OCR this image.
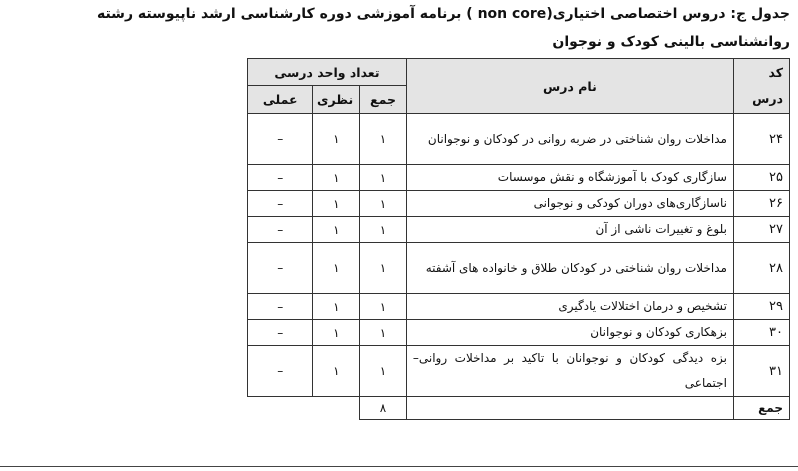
جدول ج: دروس اختصاصی اختیاری(non core ) برنامه آموزشی دوره کارشناسی ارشد ناپیوسته رشته
روانشناسی بالینی کودک و نوجوان
کد درس	نام درس	تعداد واحد درسی		
		جمع	نظری	عملی
۲۴	مداخلات روان شناختی در ضربه روانی در کودکان و نوجوانان	۱	۱	–
۲۵	سازگاری کودک با آموزشگاه و نقش موسسات	۱	۱	–
۲۶	ناسازگاری‌های دوران کودکی و نوجوانی	۱	۱	–
۲۷	بلوغ و تغییرات ناشی از آن	۱	۱	–
۲۸	مداخلات روان شناختی در کودکان طلاق و خانواده های آشفته	۱	۱	–
۲۹	تشخیص و درمان اختلالات یادگیری	۱	۱	–
۳۰	بزهکاری کودکان و نوجوانان	۱	۱	–
۳۱	بزه دیدگی کودکان و نوجوانان با تاکید بر مداخلات روانی– اجتماعی	۱	۱	–
جمع		۸		
